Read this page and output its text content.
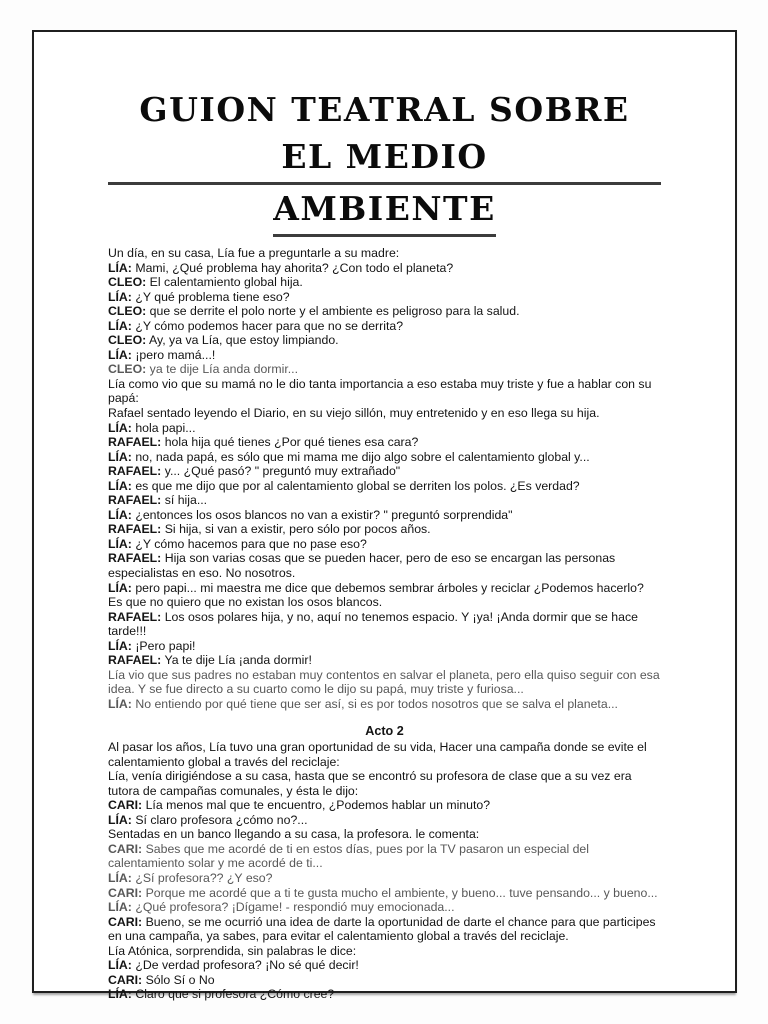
GUION TEATRAL SOBRE EL MEDIO
AMBIENTE
Un día, en su casa, Lía fue a preguntarle a su madre:
LÍA: Mami, ¿Qué problema hay ahorita? ¿Con todo el planeta?
CLEO: El calentamiento global hija.
LÍA: ¿Y qué problema tiene eso?
CLEO: que se derrite el polo norte y el ambiente es peligroso para la salud.
LÍA: ¿Y cómo podemos hacer para que no se derrita?
CLEO: Ay, ya va Lía, que estoy limpiando.
LÍA: ¡pero mamá...!
CLEO: ya te dije Lía anda dormir...
Lía como vio que su mamá no le dio tanta importancia a eso estaba muy triste y fue a hablar con su papá:
Rafael sentado leyendo el Diario, en su viejo sillón, muy entretenido y en eso llega su hija.
LÍA: hola papi...
RAFAEL: hola hija qué tienes ¿Por qué tienes esa cara?
LÍA: no, nada papá, es sólo que mi mama me dijo algo sobre el calentamiento global y...
RAFAEL: y... ¿Qué pasó? " preguntó muy extrañado"
LÍA: es que me dijo que por al calentamiento global se derriten los polos. ¿Es verdad?
RAFAEL: sí hija...
LÍA: ¿entonces los osos blancos no van a existir? " preguntó sorprendida"
RAFAEL: Si hija, si van a existir, pero sólo por pocos años.
LÍA: ¿Y cómo hacemos para que no pase eso?
RAFAEL: Hija son varias cosas que se pueden hacer, pero de eso se encargan las personas especialistas en eso. No nosotros.
LÍA: pero papi... mi maestra me dice que debemos sembrar árboles y reciclar ¿Podemos hacerlo? Es que no quiero que no existan los osos blancos.
RAFAEL: Los osos polares hija, y no, aquí no tenemos espacio. Y ¡ya! ¡Anda dormir que se hace tarde!!!
LÍA: ¡Pero papi!
RAFAEL: Ya te dije Lía ¡anda dormir!
Lía vio que sus padres no estaban muy contentos en salvar el planeta, pero ella quiso seguir con esa idea. Y se fue directo a su cuarto como le dijo su papá, muy triste y furiosa...
LÍA: No entiendo por qué tiene que ser así, si es por todos nosotros que se salva el planeta...
Acto 2
Al pasar los años, Lía tuvo una gran oportunidad de su vida, Hacer una campaña donde se evite el calentamiento global a través del reciclaje:
Lía, venía dirigiéndose a su casa, hasta que se encontró su profesora de clase que a su vez era tutora de campañas comunales, y ésta le dijo:
CARI: Lía menos mal que te encuentro, ¿Podemos hablar un minuto?
LÍA: Sí claro profesora ¿cómo no?...
Sentadas en un banco llegando a su casa, la profesora. le comenta:
CARI: Sabes que me acordé de ti en estos días, pues por la TV pasaron un especial del calentamiento solar y me acordé de ti...
LÍA: ¿Sí profesora?? ¿Y eso?
CARI: Porque me acordé que a ti te gusta mucho el ambiente, y bueno... tuve pensando... y bueno...
LÍA: ¿Qué profesora? ¡Dígame! - respondió muy emocionada...
CARI: Bueno, se me ocurrió una idea de darte la oportunidad de darte el chance para que participes en una campaña, ya sabes, para evitar el calentamiento global a través del reciclaje.
Lía Atónica, sorprendida, sin palabras le dice:
LÍA: ¿De verdad profesora? ¡No sé qué decir!
CARI: Sólo Sí o No
LÍA: Claro que si profesora ¿Cómo cree?
